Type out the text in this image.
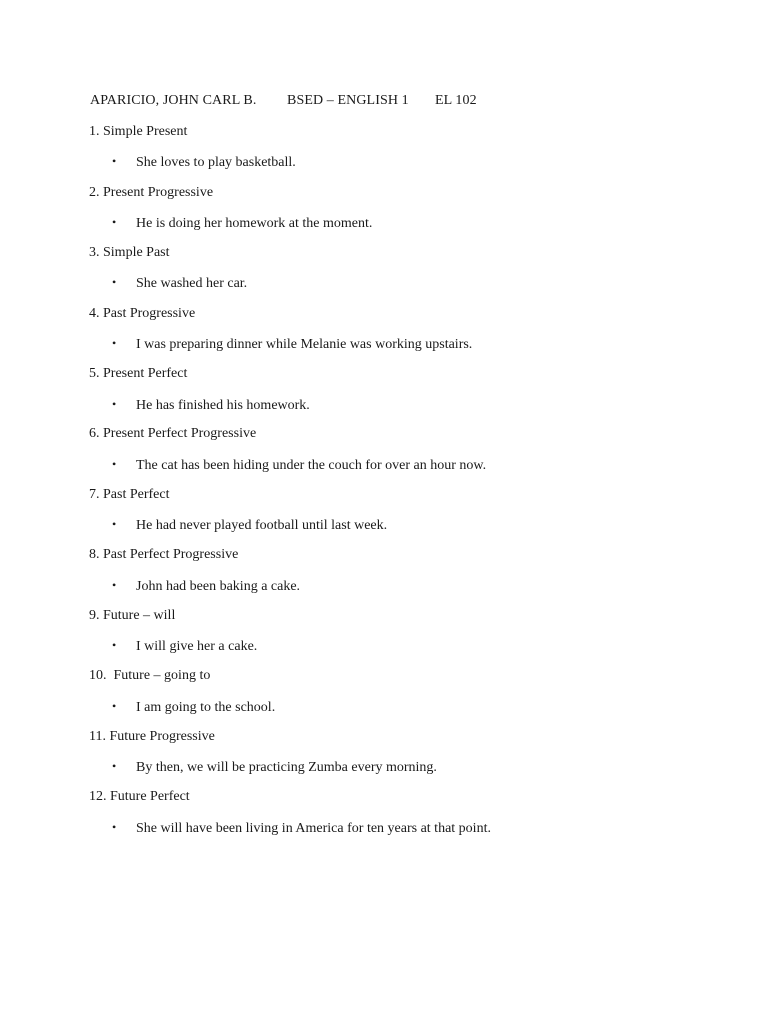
APARICIO, JOHN CARL B. BSED – ENGLISH 1 EL 102
1. Simple Present
• She loves to play basketball.
2. Present Progressive
• He is doing her homework at the moment.
3. Simple Past
• She washed her car.
4. Past Progressive
• I was preparing dinner while Melanie was working upstairs.
5. Present Perfect
• He has finished his homework.
6. Present Perfect Progressive
• The cat has been hiding under the couch for over an hour now.
7. Past Perfect
• He had never played football until last week.
8. Past Perfect Progressive
• John had been baking a cake.
9. Future – will
• I will give her a cake.
10.  Future – going to
• I am going to the school.
11. Future Progressive
• By then, we will be practicing Zumba every morning.
12. Future Perfect
• She will have been living in America for ten years at that point.
